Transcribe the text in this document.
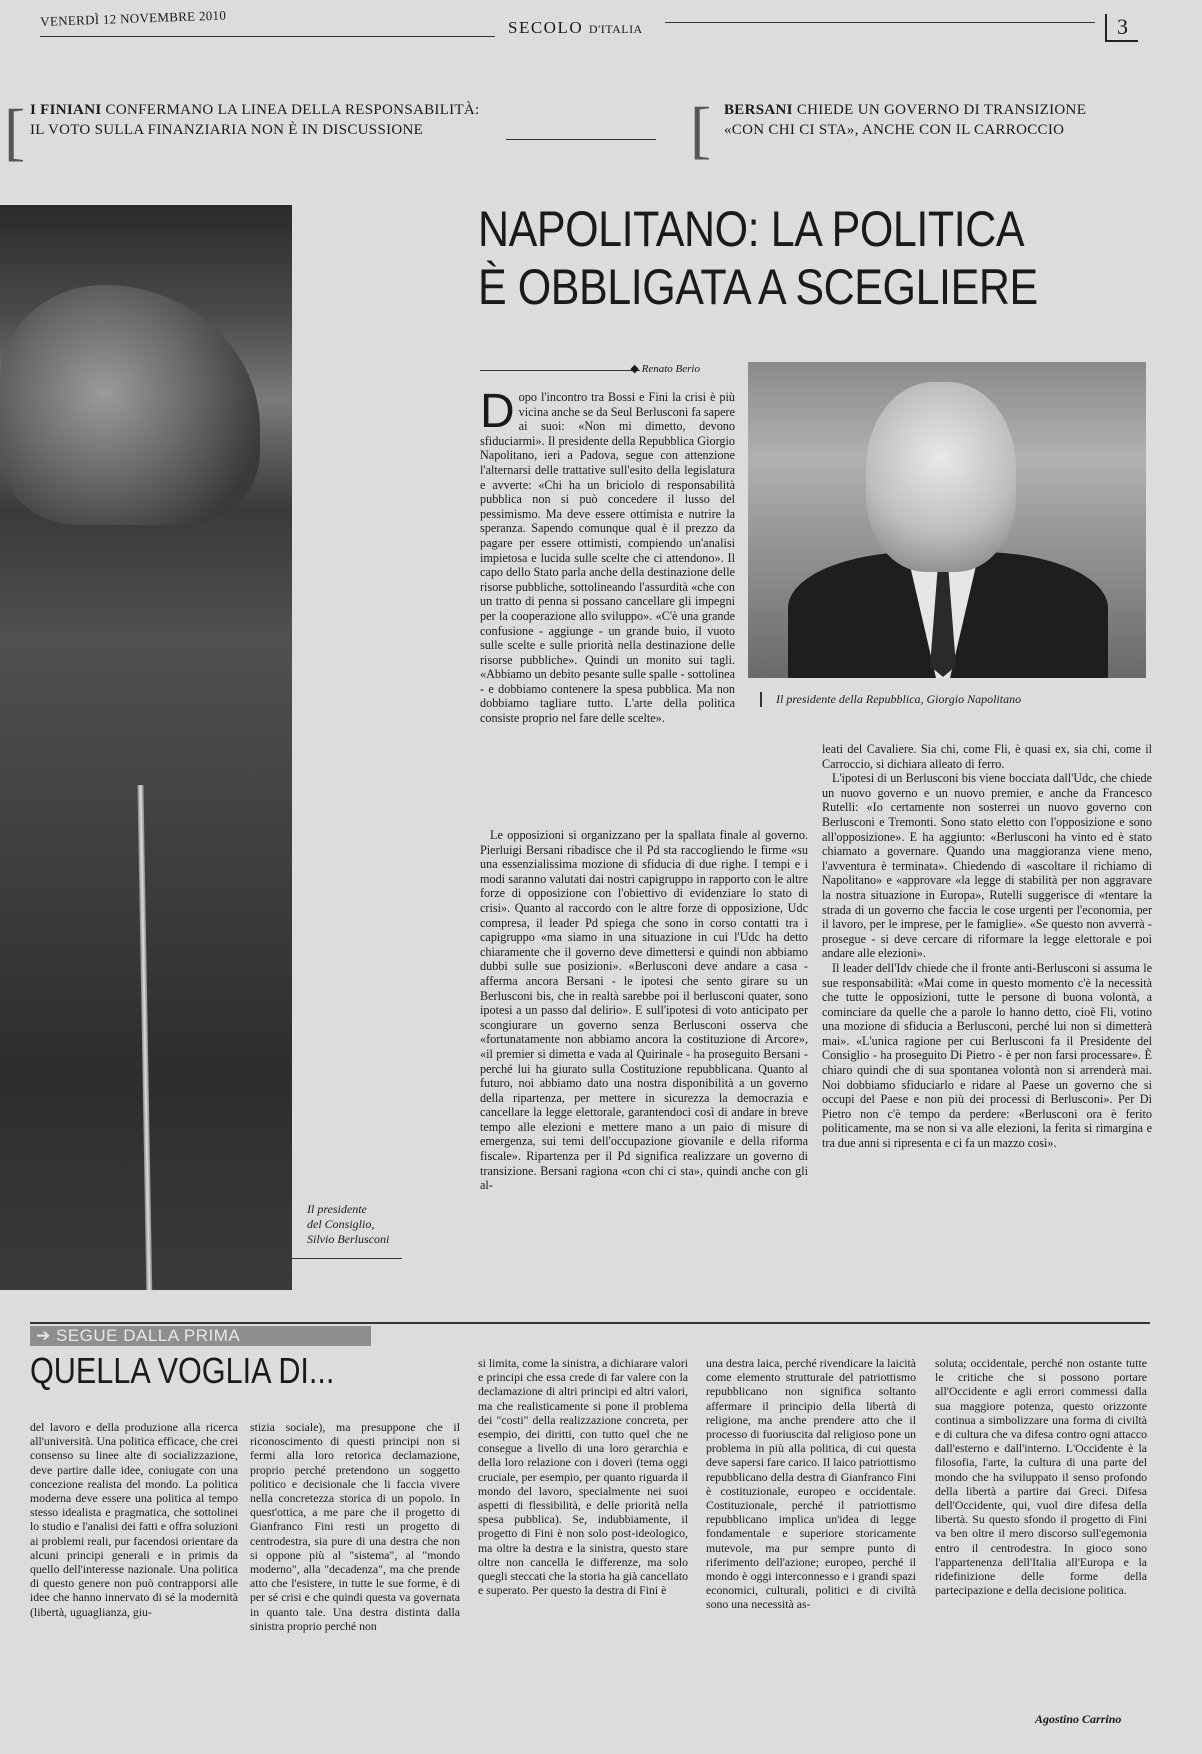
VENERDÌ 12 NOVEMBRE 2010	SECOLO D'ITALIA	3
[ I FINIANI CONFERMANO LA LINEA DELLA RESPONSABILITÀ:
IL VOTO SULLA FINANZIARIA NON È IN DISCUSSIONE	[ BERSANI CHIEDE UN GOVERNO DI TRANSIZIONE
«CON CHI CI STA», ANCHE CON IL CARROCCIO
Il presidente
del Consiglio,
Silvio Berlusconi
NAPOLITANO: LA POLITICA
È OBBLIGATA A SCEGLIERE
◆ Renato Berio
Il presidente della Repubblica, Giorgio Napolitano
Dopo l'incontro tra Bossi e Fini la crisi è più vicina anche se da Seul Berlusconi fa sapere ai suoi: «Non mi dimetto, devono sfiduciarmi». Il presidente della Repubblica Giorgio Napolitano, ieri a Padova, segue con attenzione l'alternarsi delle trattative sull'esito della legislatura e avverte: «Chi ha un briciolo di responsabilità pubblica non si può concedere il lusso del pessimismo. Ma deve essere ottimista e nutrire la speranza. Sapendo comunque qual è il prezzo da pagare per essere ottimisti, compiendo un'analisi impietosa e lucida sulle scelte che ci attendono». Il capo dello Stato parla anche della destinazione delle risorse pubbliche, sottolineando l'assurdità «che con un tratto di penna si possano cancellare gli impegni per la cooperazione allo sviluppo». «C'è una grande confusione - aggiunge - un grande buio, il vuoto sulle scelte e sulle priorità nella destinazione delle risorse pubbliche». Quindi un monito sui tagli. «Abbiamo un debito pesante sulle spalle - sottolinea - e dobbiamo contenere la spesa pubblica. Ma non dobbiamo tagliare tutto. L'arte della politica consiste proprio nel fare delle scelte».

Le opposizioni si organizzano per la spallata finale al governo. Pierluigi Bersani ribadisce che il Pd sta raccogliendo le firme «su una essenzialissima mozione di sfiducia di due righe. I tempi e i modi saranno valutati dai nostri capigruppo in rapporto con le altre forze di opposizione con l'obiettivo di evidenziare lo stato di crisi». Quanto al raccordo con le altre forze di opposizione, Udc compresa, il leader Pd spiega che sono in corso contatti tra i capigruppo «ma siamo in una situazione in cui l'Udc ha detto chiaramente che il governo deve dimettersi e quindi non abbiamo dubbi sulle sue posizioni». «Berlusconi deve andare a casa - afferma ancora Bersani - le ipotesi che sento girare su un Berlusconi bis, che in realtà sarebbe poi il berlusconi quater, sono ipotesi a un passo dal delirio». E sull'ipotesi di voto anticipato per scongiurare un governo senza Berlusconi osserva che «fortunatamente non abbiamo ancora la costituzione di Arcore», «il premier si dimetta e vada al Quirinale - ha proseguito Bersani - perché lui ha giurato sulla Costituzione repubblicana. Quanto al futuro, noi abbiamo dato una nostra disponibilità a un governo della ripartenza, per mettere in sicurezza la democrazia e cancellare la legge elettorale, garantendoci così di andare in breve tempo alle elezioni e mettere mano a un paio di misure di emergenza, sui temi dell'occupazione giovanile e della riforma fiscale». Ripartenza per il Pd significa realizzare un governo di transizione. Bersani ragiona «con chi ci sta», quindi anche con gli al-

leati del Cavaliere. Sia chi, come Fli, è quasi ex, sia chi, come il Carroccio, si dichiara alleato di ferro.

L'ipotesi di un Berlusconi bis viene bocciata dall'Udc, che chiede un nuovo governo e un nuovo premier, e anche da Francesco Rutelli: «Io certamente non sosterrei un nuovo governo con Berlusconi e Tremonti. Sono stato eletto con l'opposizione e sono all'opposizione». E ha aggiunto: «Berlusconi ha vinto ed è stato chiamato a governare. Quando una maggioranza viene meno, l'avventura è terminata». Chiedendo di «ascoltare il richiamo di Napolitano» e «approvare «la legge di stabilità per non aggravare la nostra situazione in Europa», Rutelli suggerisce di «tentare la strada di un governo che faccia le cose urgenti per l'economia, per il lavoro, per le imprese, per le famiglie». «Se questo non avverrà - prosegue - si deve cercare di riformare la legge elettorale e poi andare alle elezioni».

Il leader dell'Idv chiede che il fronte anti-Berlusconi si assuma le sue responsabilità: «Mai come in questo momento c'è la necessità che tutte le opposizioni, tutte le persone di buona volontà, a cominciare da quelle che a parole lo hanno detto, cioè Fli, votino una mozione di sfiducia a Berlusconi, perché lui non si dimetterà mai». «L'unica ragione per cui Berlusconi fa il Presidente del Consiglio - ha proseguito Di Pietro - è per non farsi processare». È chiaro quindi che di sua spontanea volontà non si arrenderà mai. Noi dobbiamo sfiduciarlo e ridare al Paese un governo che si occupi del Paese e non più dei processi di Berlusconi». Per Di Pietro non c'è tempo da perdere: «Berlusconi ora è ferito politicamente, ma se non si va alle elezioni, la ferita si rimargina e tra due anni si ripresenta e ci fa un mazzo così».

➔ SEGUE DALLA PRIMA
QUELLA VOGLIA DI...
del lavoro e della produzione alla ricerca all'università. Una politica efficace, che crei consenso su linee alte di socializzazione, deve partire dalle idee, coniugate con una concezione realista del mondo. La politica moderna deve essere una politica al tempo stesso idealista e pragmatica, che sottolinei lo studio e l'analisi dei fatti e offra soluzioni ai problemi reali, pur facendosi orientare da alcuni principi generali e in primis da quello dell'interesse nazionale. Una politica di questo genere non può contrapporsi alle idee che hanno innervato di sé la modernità (libertà, uguaglianza, giu-
stizia sociale), ma presuppone che il riconoscimento di questi principi non si fermi alla loro retorica declamazione, proprio perché pretendono un soggetto politico e decisionale che li faccia vivere nella concretezza storica di un popolo. In quest'ottica, a me pare che il progetto di Gianfranco Fini resti un progetto di centrodestra, sia pure di una destra che non si oppone più al "sistema", al "mondo moderno", alla "decadenza", ma che prende atto che l'esistere, in tutte le sue forme, è di per sé crisi e che quindi questa va governata in quanto tale. Una destra distinta dalla sinistra proprio perché non
si limita, come la sinistra, a dichiarare valori e principi che essa crede di far valere con la declamazione di altri principi ed altri valori, ma che realisticamente si pone il problema dei "costi" della realizzazione concreta, per esempio, dei diritti, con tutto quel che ne consegue a livello di una loro gerarchia e della loro relazione con i doveri (tema oggi cruciale, per esempio, per quanto riguarda il mondo del lavoro, specialmente nei suoi aspetti di flessibilità, e delle priorità nella spesa pubblica). Se, indubbiamente, il progetto di Fini è non solo post-ideologico, ma oltre la destra e la sinistra, questo stare oltre non cancella le differenze, ma solo quegli steccati che la storia ha già cancellato e superato. Per questo la destra di Fini è
una destra laica, perché rivendicare la laicità come elemento strutturale del patriottismo repubblicano non significa soltanto affermare il principio della libertà di religione, ma anche prendere atto che il processo di fuoriuscita dal religioso pone un problema in più alla politica, di cui questa deve sapersi fare carico. Il laico patriottismo repubblicano della destra di Gianfranco Fini è costituzionale, europeo e occidentale. Costituzionale, perché il patriottismo repubblicano implica un'idea di legge fondamentale e superiore storicamente mutevole, ma pur sempre punto di riferimento dell'azione; europeo, perché il mondo è oggi interconnesso e i grandi spazi economici, culturali, politici e di civiltà sono una necessità as-
soluta; occidentale, perché non ostante tutte le critiche che si possono portare all'Occidente e agli errori commessi dalla sua maggiore potenza, questo orizzonte continua a simbolizzare una forma di civiltà e di cultura che va difesa contro ogni attacco dall'esterno e dall'interno. L'Occidente è la filosofia, l'arte, la cultura di una parte del mondo che ha sviluppato il senso profondo della libertà a partire dai Greci. Difesa dell'Occidente, qui, vuol dire difesa della libertà. Su questo sfondo il progetto di Fini va ben oltre il mero discorso sull'egemonia entro il centrodestra. In gioco sono l'appartenenza dell'Italia all'Europa e la ridefinizione delle forme della partecipazione e della decisione politica.
Agostino Carrino
